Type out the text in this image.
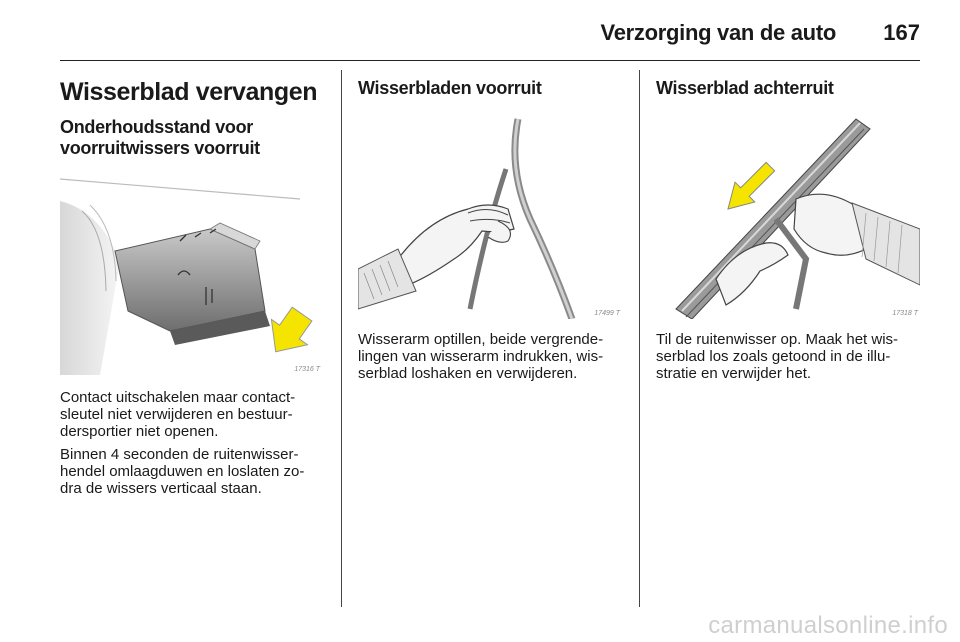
Verzorging van de auto 167
Wisserblad vervangen
Onderhoudsstand voor voorruitwissers voorruit
17316 T

Contact uitschakelen maar contact-sleutel niet verwijderen en bestuur-dersportier niet openen.

Binnen 4 seconden de ruitenwisser-hendel omlaagduwen en loslaten zo-dra de wissers verticaal staan.

Wisserbladen voorruit
17499 T

Wisserarm optillen, beide vergrende-lingen van wisserarm indrukken, wis-serblad loshaken en verwijderen.

Wisserblad achterruit
17318 T

Til de ruitenwisser op. Maak het wis-serblad los zoals getoond in de illu-stratie en verwijder het.

carmanualsonline.info
